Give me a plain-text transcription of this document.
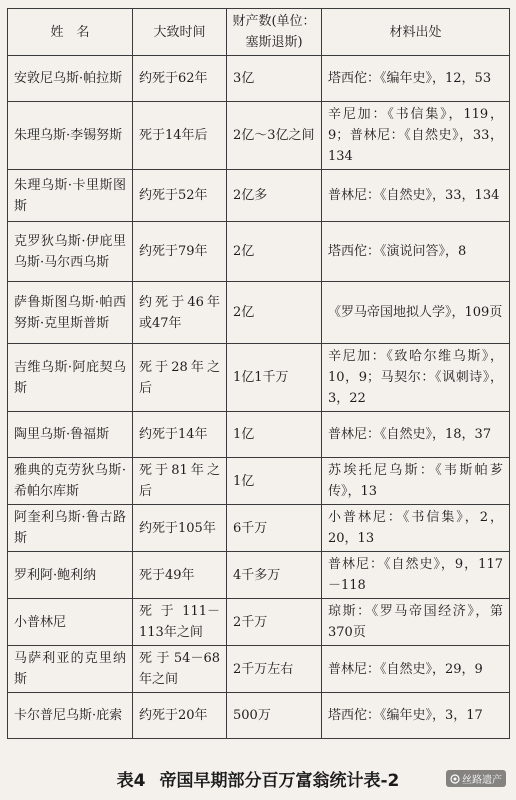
姓　名	大致时间	财产数(单位：塞斯退斯)	材料出处
安敦尼乌斯·帕拉斯	约死于62年	3亿	塔西佗：《编年史》，12，53
朱理乌斯·李锡努斯	死于14年后	2亿～3亿之间	辛尼加：《书信集》，119，9；普林尼：《自然史》，33，134
朱理乌斯·卡里斯图斯	约死于52年	2亿多	普林尼：《自然史》，33，134
克罗狄乌斯·伊庇里乌斯·马尔西乌斯	约死于79年	2亿	塔西佗：《演说问答》，8
萨鲁斯图乌斯·帕西努斯·克里斯普斯	约死于46年或47年	2亿	《罗马帝国地拟人学》，109页
吉维乌斯·阿庇契乌斯	死于28年之后	1亿1千万	辛尼加：《致哈尔维乌斯》，10，9；马契尔：《讽刺诗》，3，22
陶里乌斯·鲁福斯	约死于14年	1亿	普林尼：《自然史》，18，37
雅典的克劳狄乌斯·希帕尔库斯	死于81年之后	1亿	苏埃托尼乌斯：《韦斯帕芗传》，13
阿奎利乌斯·鲁古路斯	约死于105年	6千万	小普林尼：《书信集》，2，20，13
罗利阿·鲍利纳	死于49年	4千多万	普林尼：《自然史》，9，117－118
小普林尼	死于111－113年之间	2千万	琼斯：《罗马帝国经济》，第370页
马萨利亚的克里纳斯	死于54－68年之间	2千万左右	普林尼：《自然史》，29，9
卡尔普尼乌斯·庇索	约死于20年	500万	塔西佗：《编年史》，3，17
表4 帝国早期部分百万富翁统计表-2	丝路遗产
